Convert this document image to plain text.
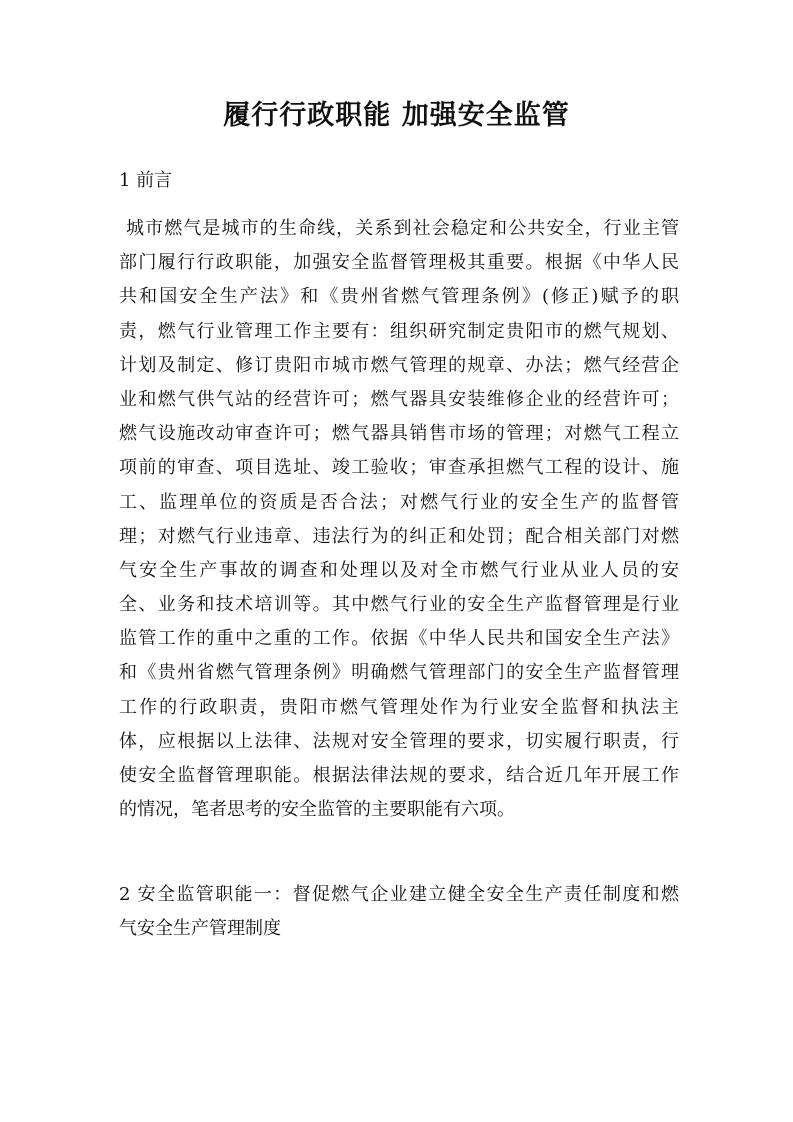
履行行政职能 加强安全监管
1 前言
城市燃气是城市的生命线，关系到社会稳定和公共安全，行业主管
部门履行行政职能，加强安全监督管理极其重要。根据《中华人民
共和国安全生产法》和《贵州省燃气管理条例》(修正)赋予的职
责，燃气行业管理工作主要有：组织研究制定贵阳市的燃气规划、
计划及制定、修订贵阳市城市燃气管理的规章、办法；燃气经营企
业和燃气供气站的经营许可；燃气器具安装维修企业的经营许可；
燃气设施改动审查许可；燃气器具销售市场的管理；对燃气工程立
项前的审查、项目选址、竣工验收；审查承担燃气工程的设计、施
工、监理单位的资质是否合法；对燃气行业的安全生产的监督管
理；对燃气行业违章、违法行为的纠正和处罚；配合相关部门对燃
气安全生产事故的调查和处理以及对全市燃气行业从业人员的安
全、业务和技术培训等。其中燃气行业的安全生产监督管理是行业
监管工作的重中之重的工作。依据《中华人民共和国安全生产法》
和《贵州省燃气管理条例》明确燃气管理部门的安全生产监督管理
工作的行政职责，贵阳市燃气管理处作为行业安全监督和执法主
体，应根据以上法律、法规对安全管理的要求，切实履行职责，行
使安全监督管理职能。根据法律法规的要求，结合近几年开展工作
的情况，笔者思考的安全监管的主要职能有六项。
2 安全监管职能一：督促燃气企业建立健全安全生产责任制度和燃
气安全生产管理制度
